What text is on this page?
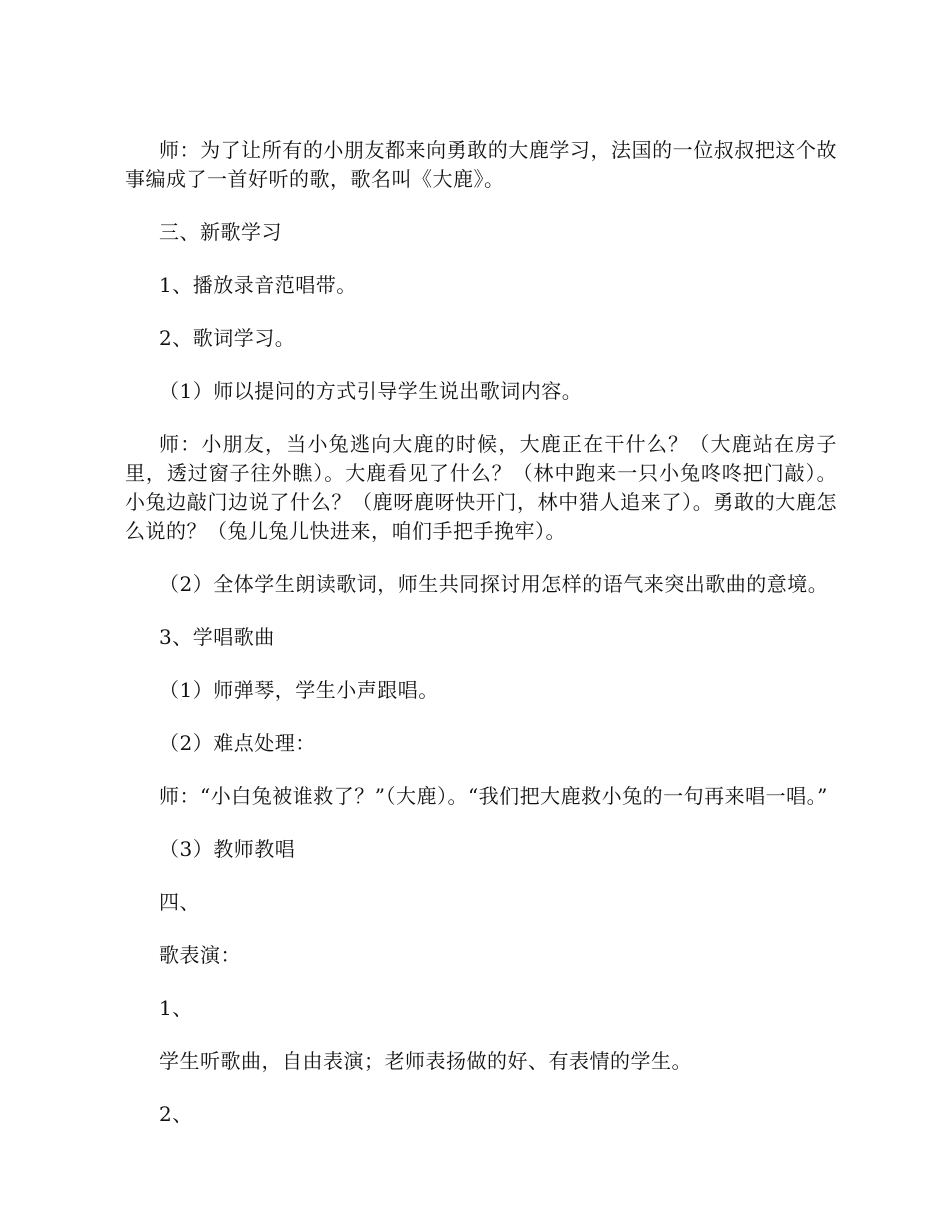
师：为了让所有的小朋友都来向勇敢的大鹿学习，法国的一位叔叔把这个故事编成了一首好听的歌，歌名叫《大鹿》。

三、新歌学习

1、播放录音范唱带。

2、歌词学习。

（1）师以提问的方式引导学生说出歌词内容。

师：小朋友，当小兔逃向大鹿的时候，大鹿正在干什么？（大鹿站在房子里，透过窗子往外瞧）。大鹿看见了什么？（林中跑来一只小兔咚咚把门敲）。小兔边敲门边说了什么？（鹿呀鹿呀快开门，林中猎人追来了）。勇敢的大鹿怎么说的？（兔儿兔儿快进来，咱们手把手挽牢）。

（2）全体学生朗读歌词，师生共同探讨用怎样的语气来突出歌曲的意境。

3、学唱歌曲

（1）师弹琴，学生小声跟唱。

（2）难点处理：

师：“小白兔被谁救了？”（大鹿）。“我们把大鹿救小兔的一句再来唱一唱。”

（3）教师教唱

四、

歌表演：

1、

学生听歌曲，自由表演；老师表扬做的好、有表情的学生。

2、
